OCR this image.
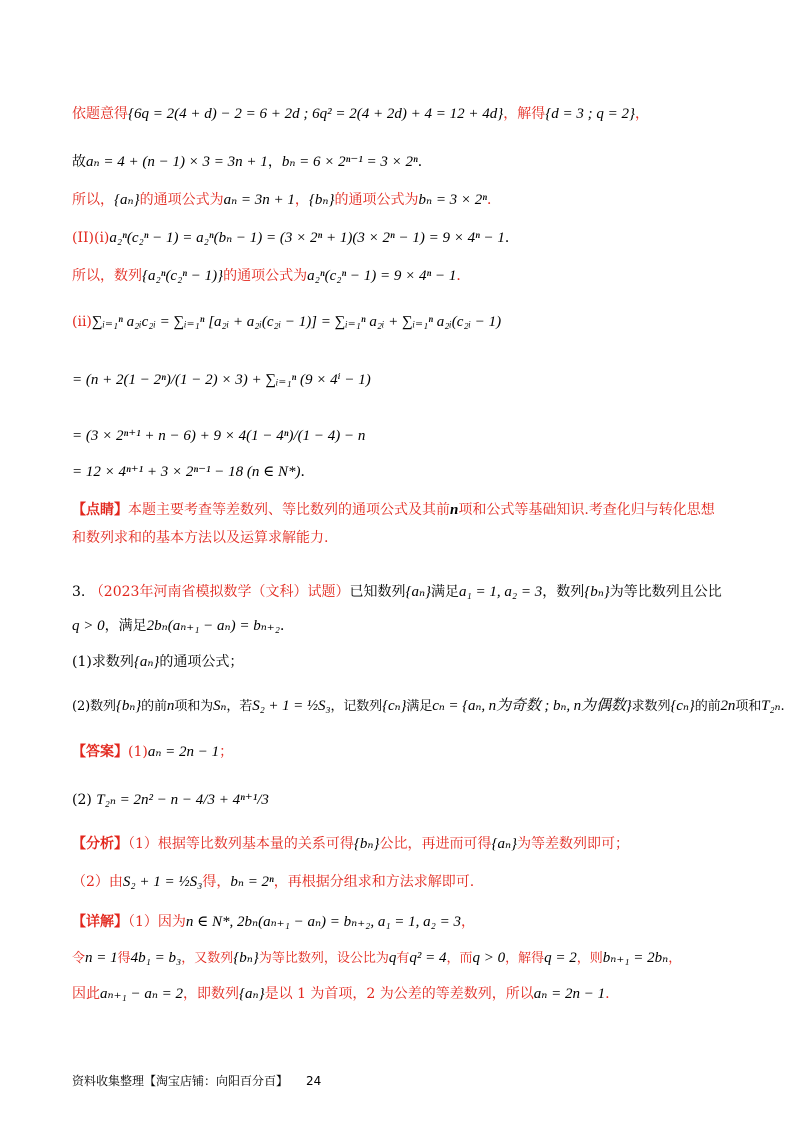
依题意得{6q = 2(4 + d) − 2 = 6 + 2d ; 6q² = 2(4 + 2d) + 4 = 12 + 4d}，解得{d = 3 ; q = 2}，
故aₙ = 4 + (n − 1) × 3 = 3n + 1，bₙ = 6 × 2ⁿ⁻¹ = 3 × 2ⁿ．
所以，{aₙ}的通项公式为aₙ = 3n + 1，{bₙ}的通项公式为bₙ = 3 × 2ⁿ．
(II)(i)a₂ⁿ(c₂ⁿ − 1) = a₂ⁿ(bₙ − 1) = (3 × 2ⁿ + 1)(3 × 2ⁿ − 1) = 9 × 4ⁿ − 1．
所以，数列{a₂ⁿ(c₂ⁿ − 1)}的通项公式为a₂ⁿ(c₂ⁿ − 1) = 9 × 4ⁿ − 1．
(ii)∑ᵢ₌₁ⁿ a₂ᵢc₂ᵢ = ∑ᵢ₌₁ⁿ [a₂ᵢ + a₂ᵢ(c₂ᵢ − 1)] = ∑ᵢ₌₁ⁿ a₂ᵢ + ∑ᵢ₌₁ⁿ a₂ᵢ(c₂ᵢ − 1)
= (n + 2(1 − 2ⁿ)/(1 − 2) × 3) + ∑ᵢ₌₁ⁿ (9 × 4ⁱ − 1)
= (3 × 2ⁿ⁺¹ + n − 6) + 9 × 4(1 − 4ⁿ)/(1 − 4) − n
= 12 × 4ⁿ⁺¹ + 3 × 2ⁿ⁻¹ − 18 (n ∈ N*)．
【点睛】本题主要考查等差数列、等比数列的通项公式及其前n项和公式等基础知识.考查化归与转化思想
和数列求和的基本方法以及运算求解能力.
3. （2023年河南省模拟数学（文科）试题）已知数列{aₙ}满足a₁ = 1, a₂ = 3，数列{bₙ}为等比数列且公比
q > 0，满足2bₙ(aₙ₊₁ − aₙ) = bₙ₊₂．
(1)求数列{aₙ}的通项公式；
(2)数列{bₙ}的前n项和为Sₙ，若S₂ + 1 = ½S₃，记数列{cₙ}满足cₙ = {aₙ, n为奇数 ; bₙ, n为偶数}求数列{cₙ}的前2n项和T₂ₙ.
【答案】(1)aₙ = 2n − 1；
(2) T₂ₙ = 2n² − n − 4/3 + 4ⁿ⁺¹/3
【分析】（1）根据等比数列基本量的关系可得{bₙ}公比，再进而可得{aₙ}为等差数列即可；
（2）由S₂ + 1 = ½S₃得，bₙ = 2ⁿ，再根据分组求和方法求解即可.
【详解】（1）因为n ∈ N*, 2bₙ(aₙ₊₁ − aₙ) = bₙ₊₂, a₁ = 1, a₂ = 3，
令n = 1得4b₁ = b₃，又数列{bₙ}为等比数列，设公比为q有q² = 4，而q > 0，解得q = 2，则bₙ₊₁ = 2bₙ，
因此aₙ₊₁ − aₙ = 2，即数列{aₙ}是以 1 为首项，2 为公差的等差数列，所以aₙ = 2n − 1.
资料收集整理【淘宝店铺：向阳百分百】 24
